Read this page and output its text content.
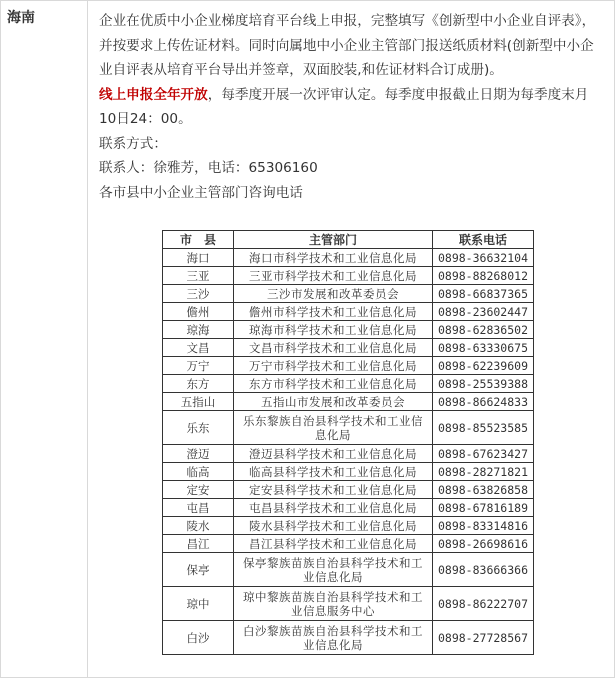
海南	企业在优质中小企业梯度培育平台线上申报，完整填写《创新型中小企业自评表》，并按要求上传佐证材料。同时向属地中小企业主管部门报送纸质材料(创新型中小企业自评表从培育平台导出并签章，双面胶装,和佐证材料合订成册)。

线上申报全年开放，每季度开展一次评审认定。每季度申报截止日期为每季度末月10日24：00。

联系方式：

联系人：徐雅芳，电话：65306160

各市县中小企业主管部门咨询电话

市　县	主管部门	联系电话
海口	海口市科学技术和工业信息化局	0898-36632104
三亚	三亚市科学技术和工业信息化局	0898-88268012
三沙	三沙市发展和改革委员会	0898-66837365
儋州	儋州市科学技术和工业信息化局	0898-23602447
琼海	琼海市科学技术和工业信息化局	0898-62836502
文昌	文昌市科学技术和工业信息化局	0898-63330675
万宁	万宁市科学技术和工业信息化局	0898-62239609
东方	东方市科学技术和工业信息化局	0898-25539388
五指山	五指山市发展和改革委员会	0898-86624833
乐东	乐东黎族自治县科学技术和工业信息化局	0898-85523585
澄迈	澄迈县科学技术和工业信息化局	0898-67623427
临高	临高县科学技术和工业信息化局	0898-28271821
定安	定安县科学技术和工业信息化局	0898-63826858
屯昌	屯昌县科学技术和工业信息化局	0898-67816189
陵水	陵水县科学技术和工业信息化局	0898-83314816
昌江	昌江县科学技术和工业信息化局	0898-26698616
保亭	保亭黎族苗族自治县科学技术和工业信息化局	0898-83666366
琼中	琼中黎族苗族自治县科学技术和工业信息服务中心	0898-86222707
白沙	白沙黎族苗族自治县科学技术和工业信息化局	0898-27728567
